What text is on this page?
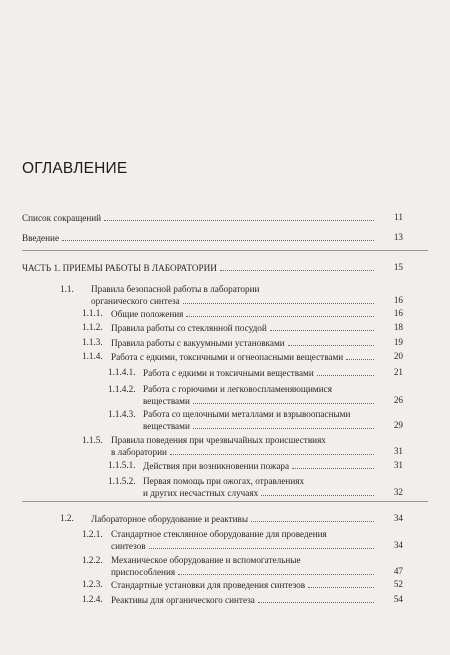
ОГЛАВЛЕНИЕ
Список сокращений	11
Введение	13
ЧАСТЬ 1. ПРИЕМЫ РАБОТЫ В ЛАБОРАТОРИИ	15
1.1. Правила безопасной работы в лаборатории
органического синтеза	16
1.1.1. Общие положения	16
1.1.2. Правила работы со стеклянной посудой	18
1.1.3. Правила работы с вакуумными установками	19
1.1.4. Работа с едкими, токсичными и огнеопасными веществами	20
1.1.4.1. Работа с едкими и токсичными веществами	21
1.1.4.2. Работа с горючими и легковоспламеняющимися
веществами	26
1.1.4.3. Работа со щелочными металлами и взрывоопасными
веществами	29
1.1.5. Правила поведения при чрезвычайных происшествиях
в лаборатории	31
1.1.5.1. Действия при возникновении пожара	31
1.1.5.2. Первая помощь при ожогах, отравлениях
и других несчастных случаях	32
1.2. Лабораторное оборудование и реактивы	34
1.2.1. Стандартное стеклянное оборудование для проведения
синтезов	34
1.2.2. Механическое оборудование и вспомогательные
приспособления	47
1.2.3. Стандартные установки для проведения синтезов	52
1.2.4. Реактивы для органического синтеза	54
